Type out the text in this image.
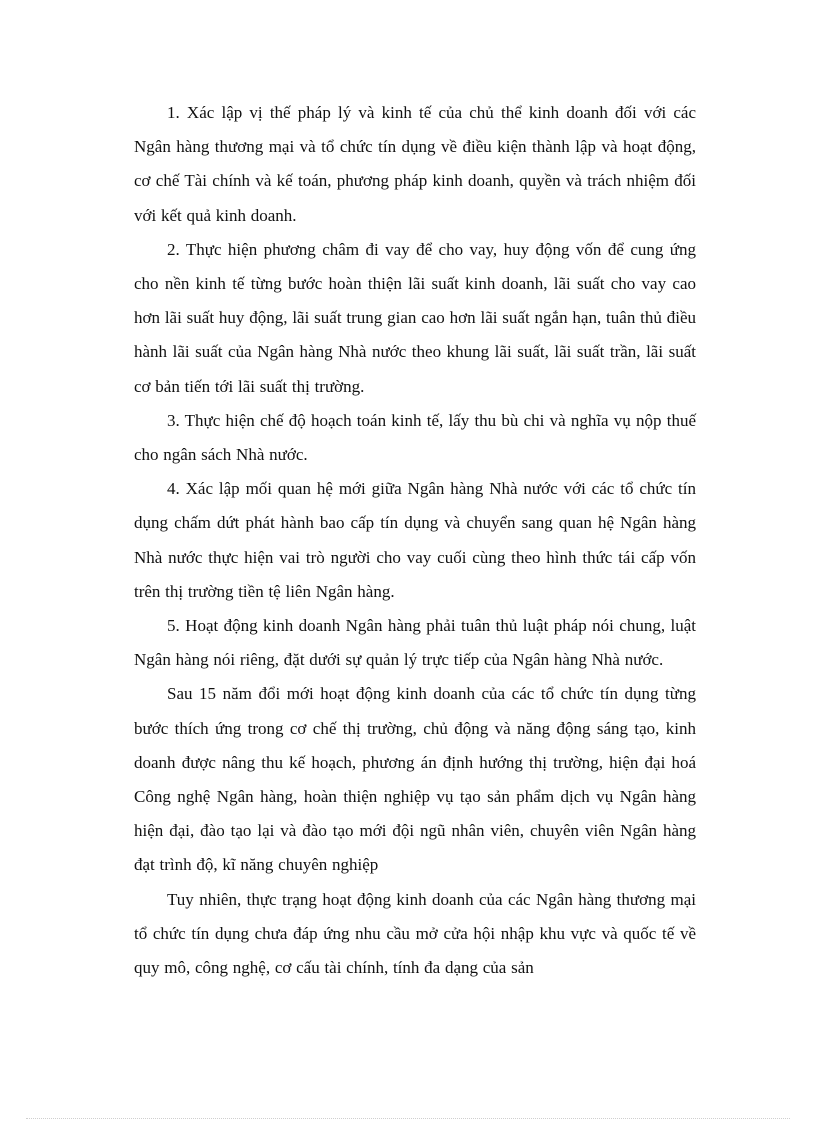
1. Xác lập vị thế pháp lý và kinh tế của chủ thể kinh doanh đối với các Ngân hàng thương mại và tổ chức tín dụng về điều kiện thành lập và hoạt động, cơ chế Tài chính và kế toán, phương pháp kinh doanh, quyền và trách nhiệm đối với kết quả kinh doanh.

2. Thực hiện phương châm đi vay để cho vay, huy động vốn để cung ứng cho nền kinh tế từng bước hoàn thiện lãi suất kinh doanh, lãi suất cho vay cao hơn lãi suất huy động, lãi suất trung gian cao hơn lãi suất ngắn hạn, tuân thủ điều hành lãi suất của Ngân hàng Nhà nước theo khung lãi suất, lãi suất trần, lãi suất cơ bản tiến tới lãi suất thị trường.

3. Thực hiện chế độ hoạch toán kinh tế, lấy thu bù chi và nghĩa vụ nộp thuế cho ngân sách Nhà nước.

4. Xác lập mối quan hệ mới giữa Ngân hàng Nhà nước với các tổ chức tín dụng chấm dứt phát hành bao cấp tín dụng và chuyển sang quan hệ Ngân hàng Nhà nước thực hiện vai trò người cho vay cuối cùng theo hình thức tái cấp vốn trên thị trường tiền tệ liên Ngân hàng.

5. Hoạt động kinh doanh Ngân hàng phải tuân thủ luật pháp nói chung, luật Ngân hàng nói riêng, đặt dưới sự quản lý trực tiếp của Ngân hàng Nhà nước.

Sau 15 năm đổi mới hoạt động kinh doanh của các tổ chức tín dụng từng bước thích ứng trong cơ chế thị trường, chủ động và năng động sáng tạo, kinh doanh được nâng thu kế hoạch, phương án định hướng thị trường, hiện đại hoá Công nghệ Ngân hàng, hoàn thiện nghiệp vụ tạo sản phẩm dịch vụ Ngân hàng hiện đại, đào tạo lại và đào tạo mới đội ngũ nhân viên, chuyên viên Ngân hàng đạt trình độ, kĩ năng chuyên nghiệp

Tuy nhiên, thực trạng hoạt động kinh doanh của các Ngân hàng thương mại tổ chức tín dụng chưa đáp ứng nhu cầu mở cửa hội nhập khu vực và quốc tế về quy mô, công nghệ, cơ cấu tài chính, tính đa dạng của sản
